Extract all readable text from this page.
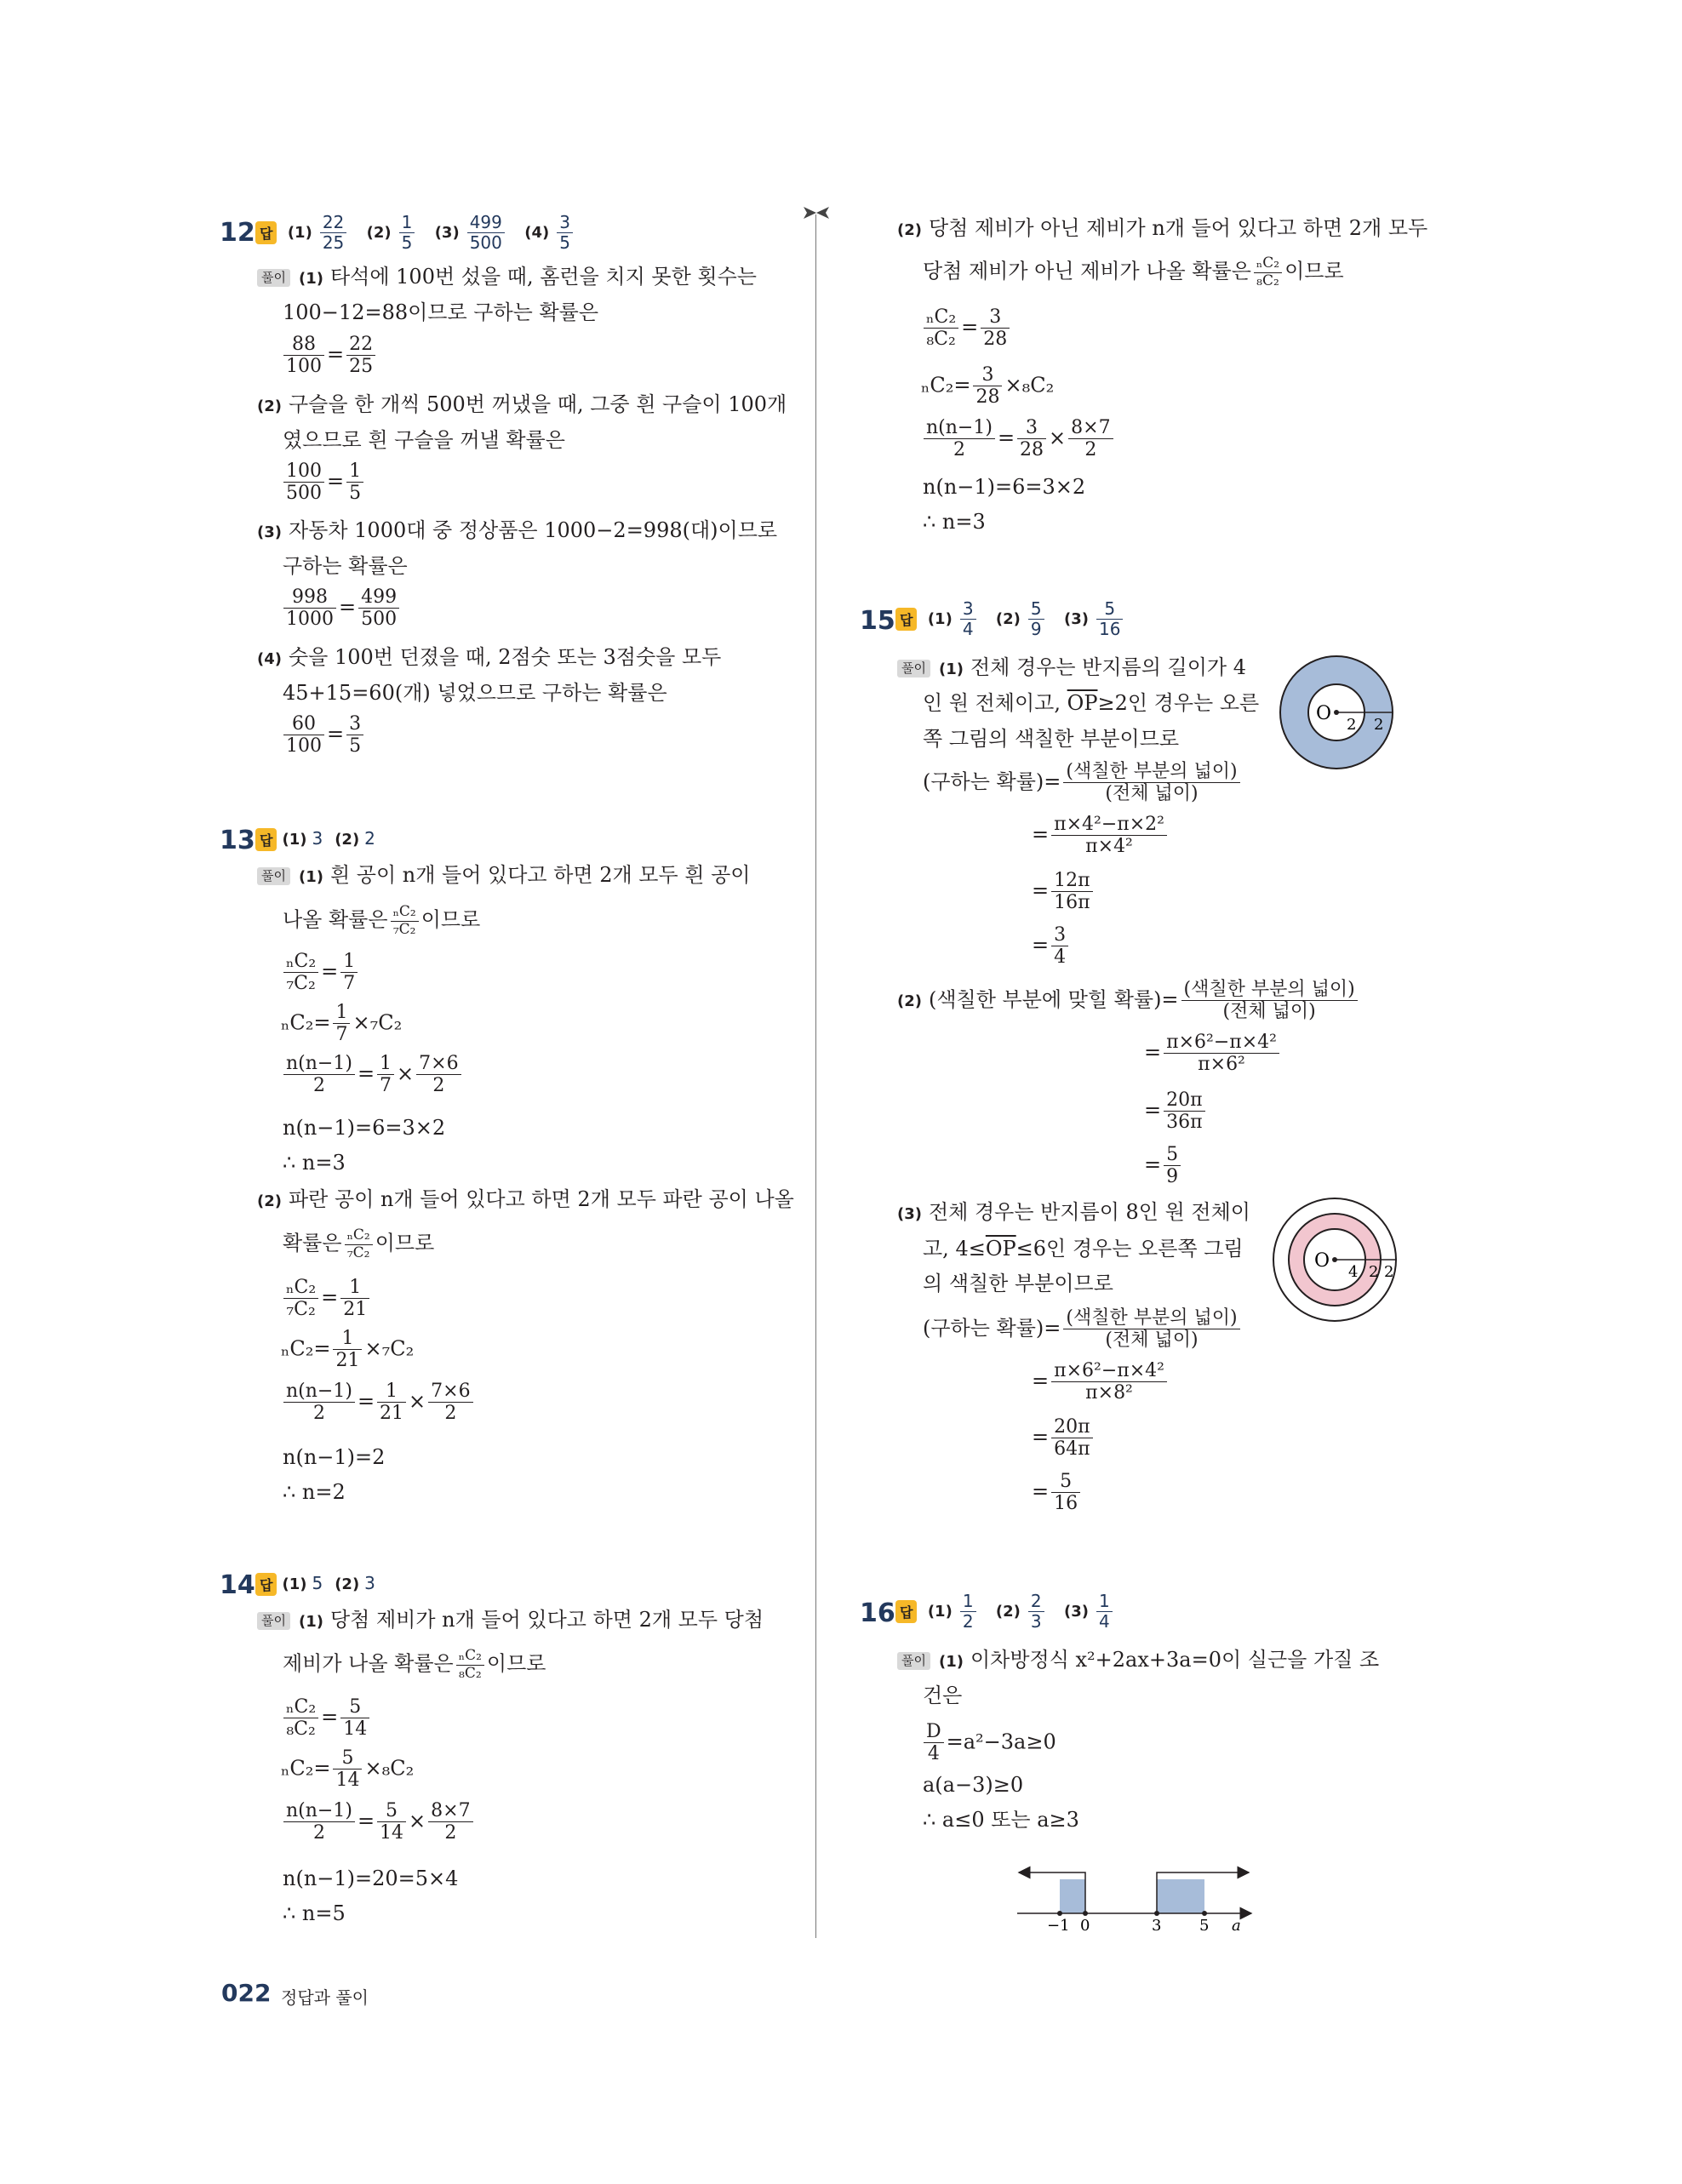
12 답 $(1) \frac{22}{25} (2) \frac{1}{5} (3) \frac{499}{500} (4) \frac{3}{5}$
풀이 (1) 타석에 100번 섰을 때, 홈런을 치지 못한 횟수는
100−12=88이므로 구하는 확률은
$\frac{88}{100} = \frac{22}{25}$
(2) 구슬을 한 개씩 500번 꺼냈을 때, 그중 흰 구슬이 100개
였으므로 흰 구슬을 꺼낼 확률은
$\frac{100}{500} = \frac{1}{5}$
(3) 자동차 1000대 중 정상품은 1000−2=998(대)이므로
구하는 확률은
$\frac{998}{1000} = \frac{499}{500}$
(4) 숫을 100번 던졌을 때, 2점숫 또는 3점숫을 모두
45+15=60(개) 넣었으므로 구하는 확률은
$\frac{60}{100} = \frac{3}{5}$
13 답 (1) 3 (2) 2
풀이 (1) 흰 공이 n개 들어 있다고 하면 2개 모두 흰 공이
나올 확률은 $\frac{\text{ₙC₂}}{\text{₇C₂}}$ 이므로
$\frac{\text{ₙC₂}}{\text{₇C₂}} = \frac{1}{7}$
$_nC_2= \frac{1}{7} \times_7C_2$
$\frac{n(n-1)}{2} = \frac{1}{7} \times \frac{7\times 6}{2}$
n(n−1)=6=3×2
∴ n=3
(2) 파란 공이 n개 들어 있다고 하면 2개 모두 파란 공이 나올
확률은 $\frac{\text{ₙC₂}}{\text{₇C₂}}$ 이므로
$\frac{\text{ₙC₂}}{\text{₇C₂}} = \frac{1}{21}$
$_nC_2= \frac{1}{21} \times_7C_2$
$\frac{n(n-1)}{2} = \frac{1}{21} \times \frac{7\times 6}{2}$
n(n−1)=2
∴ n=2
14 답 (1) 5 (2) 3
풀이 (1) 당첨 제비가 n개 들어 있다고 하면 2개 모두 당첨
제비가 나올 확률은 $\frac{\text{ₙC₂}}{\text{₈C₂}}$ 이므로
$\frac{\text{ₙC₂}}{\text{₈C₂}} = \frac{5}{14}$
$_nC_2= \frac{5}{14} \times_8C_2$
$\frac{n(n-1)}{2} = \frac{5}{14} \times \frac{8\times 7}{2}$
n(n−1)=20=5×4
∴ n=5
(2) 당첨 제비가 아닌 제비가 n개 들어 있다고 하면 2개 모두
당첨 제비가 아닌 제비가 나올 확률은 $\frac{\text{ₙC₂}}{\text{₈C₂}}$ 이므로
$\frac{\text{ₙC₂}}{\text{₈C₂}} = \frac{3}{28}$
$_nC_2= \frac{3}{28} \times_8C_2$
$\frac{n(n-1)}{2} = \frac{3}{28} \times \frac{8\times 7}{2}$
n(n−1)=6=3×2
∴ n=3
15 답 $(1) \frac{3}{4} (2) \frac{5}{9} (3) \frac{5}{16}$
풀이 (1) 전체 경우는 반지름의 길이가 4
인 원 전체이고, $\overline{OP}\ge 2$인 경우는 오른
쪽 그림의 색칠한 부분이므로
O
2 2
(구하는 확률)= $\frac{\text{(색칠한 부분의 넓이)}}{\text{(전체 넓이)}}$
= $\frac{\text{π×4²−π×2²}}{\text{π×4²}}$
= $\frac{12\pi}{16\pi}$
= $\frac{3}{4}$
(2) (색칠한 부분에 맞힐 확률)= $\frac{\text{(색칠한 부분의 넓이)}}{\text{(전체 넓이)}}$
= $\frac{\text{π×6²−π×4²}}{\text{π×6²}}$
= $\frac{20\pi}{36\pi}$
= $\frac{5}{9}$
(3) 전체 경우는 반지름이 8인 원 전체이
고, $4\le\overline{OP}\le 6$인 경우는 오른쪽 그림
의 색칠한 부분이므로
O
4 2 2
(구하는 확률)= $\frac{\text{(색칠한 부분의 넓이)}}{\text{(전체 넓이)}}$
= $\frac{\text{π×6²−π×4²}}{\text{π×8²}}$
= $\frac{20\pi}{64\pi}$
= $\frac{5}{16}$
16 답 $(1) \frac{1}{2} (2) \frac{2}{3} (3) \frac{1}{4}$
풀이 (1) 이차방정식 x²+2ax+3a=0이 실근을 가질 조
건은
$\frac{D}{4} =a^2-3a\ge 0$
a(a−3)≥0
∴ a≤0 또는 a≥3
−1 0	3 5 a
022 정답과 풀이
